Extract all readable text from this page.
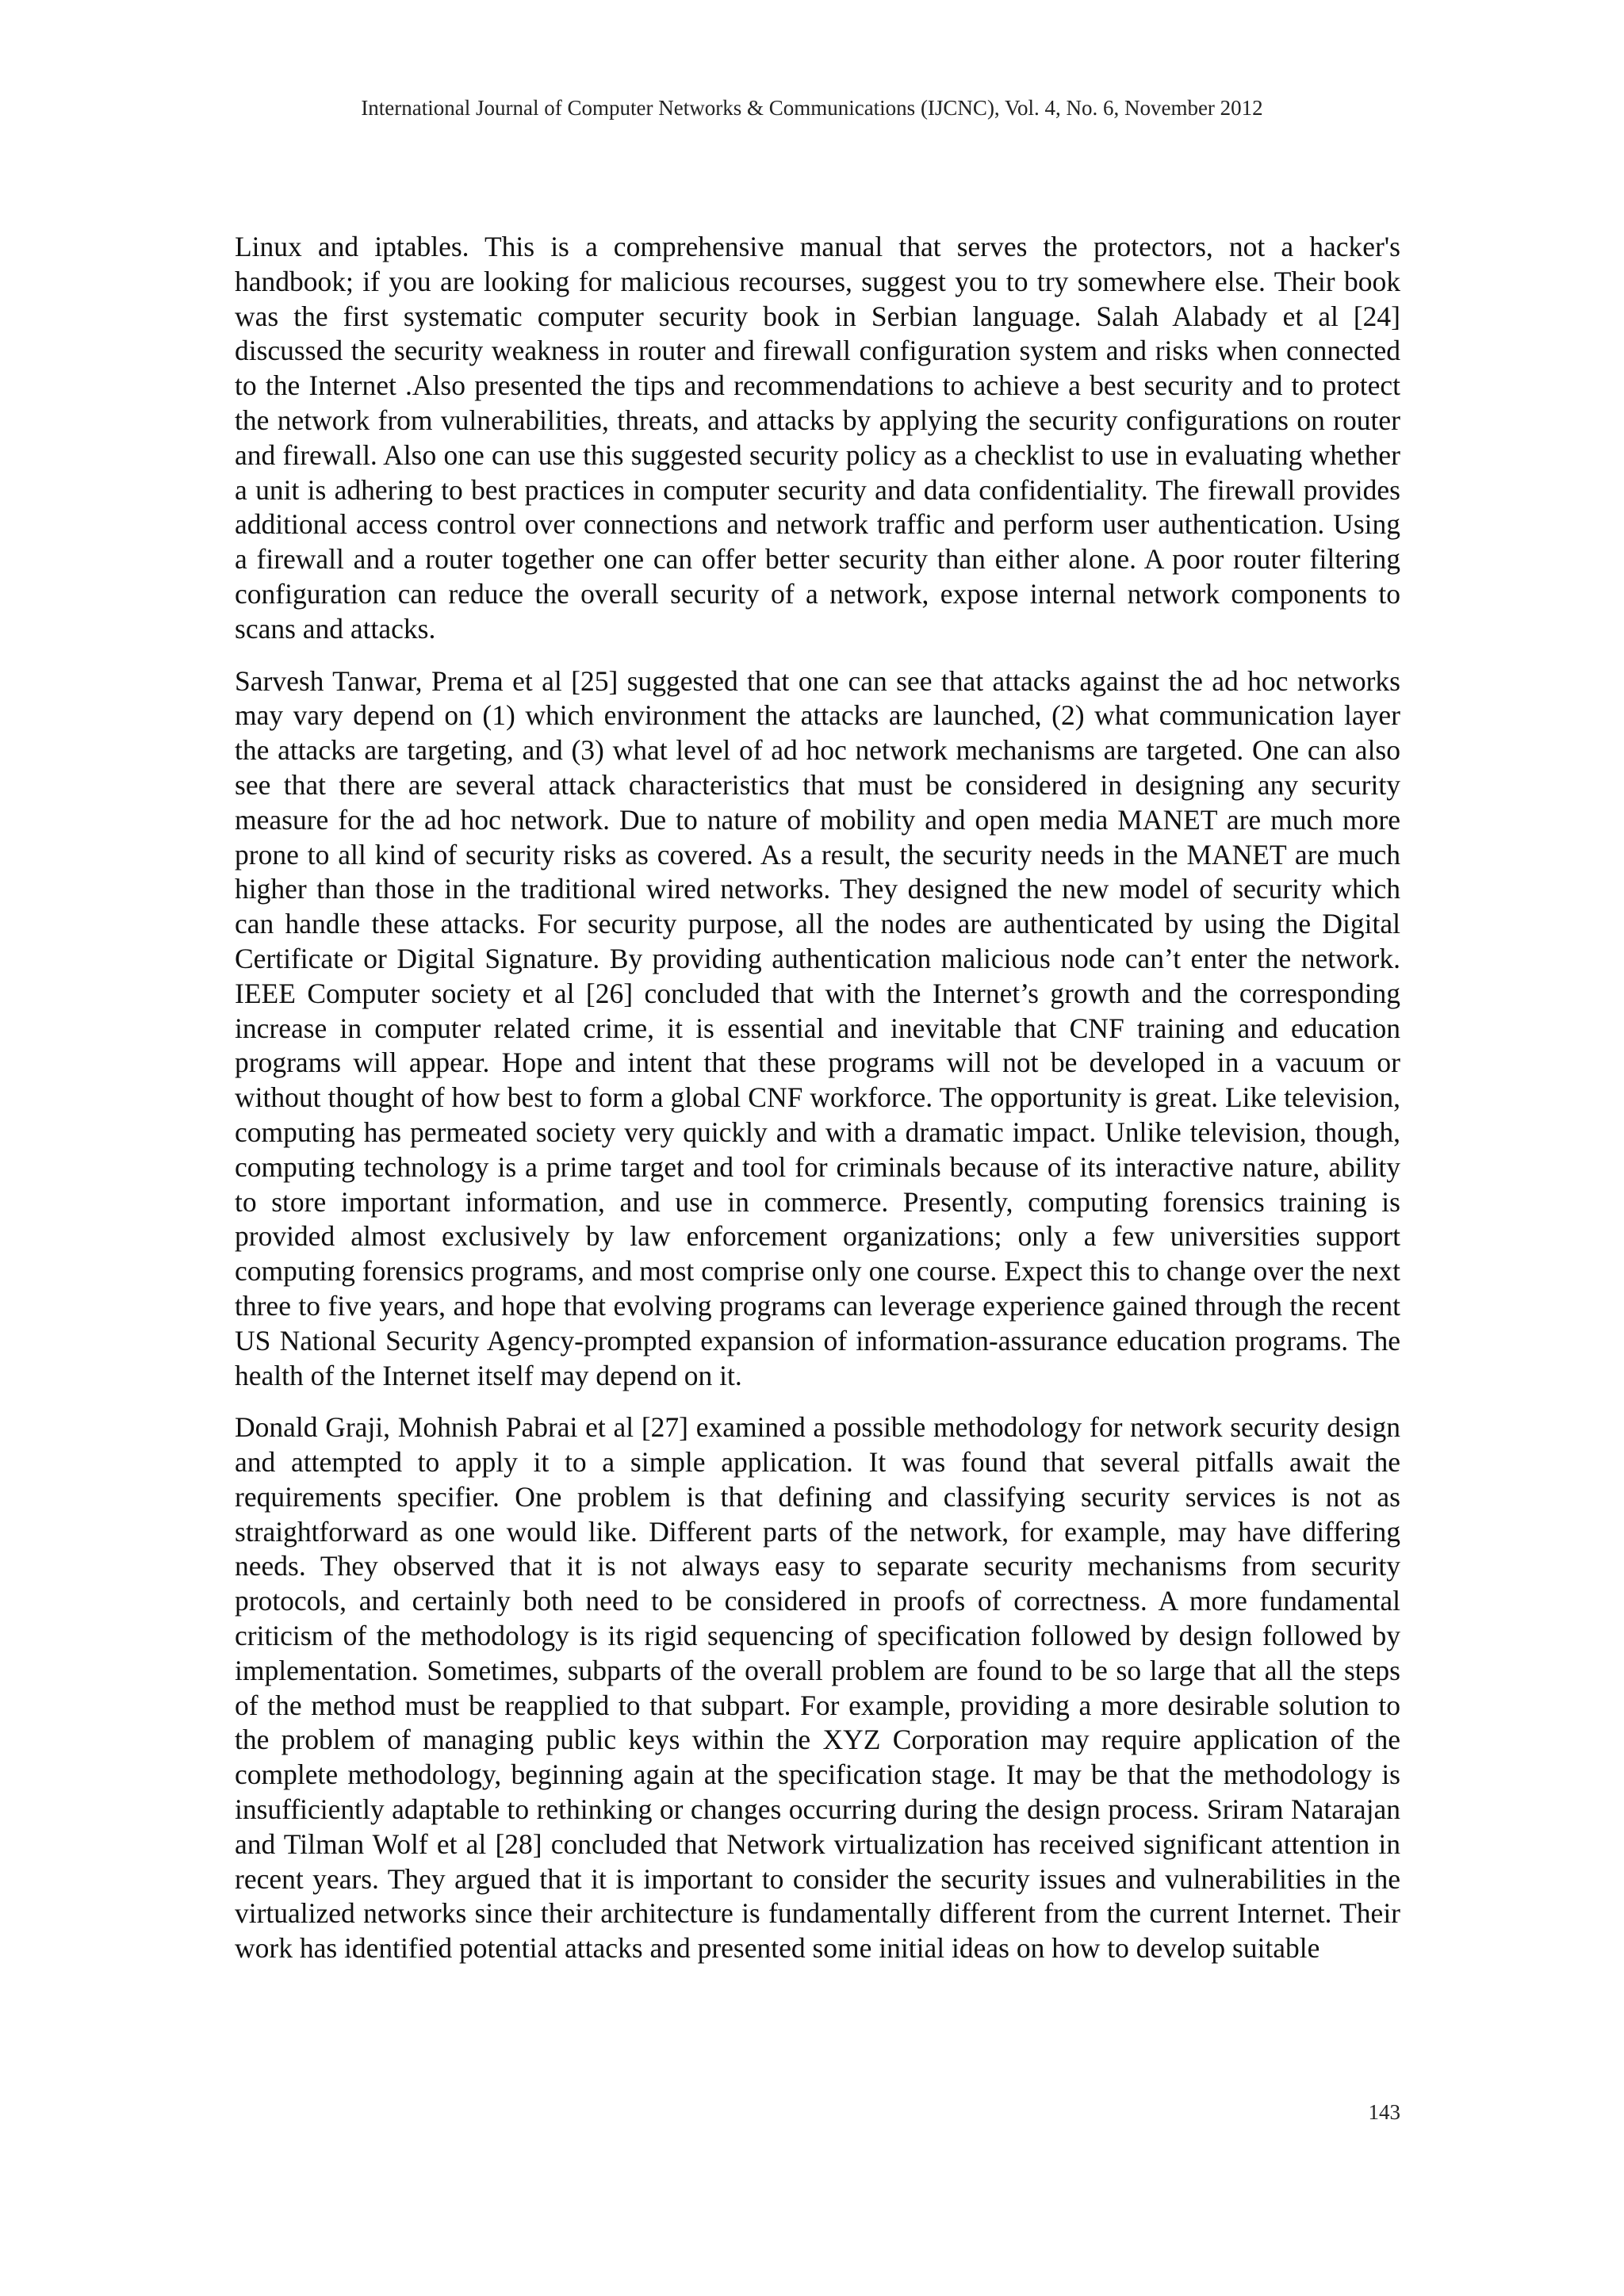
International Journal of Computer Networks & Communications (IJCNC), Vol. 4, No. 6, November 2012

Linux and iptables. This is a comprehensive manual that serves the protectors, not a hacker's handbook; if you are looking for malicious recourses, suggest you to try somewhere else. Their book was the first systematic computer security book in Serbian language. Salah Alabady et al [24] discussed the security weakness in router and firewall configuration system and risks when connected to the Internet .Also presented the tips and recommendations to achieve a best security and to protect the network from vulnerabilities, threats, and attacks by applying the security configurations on router and firewall. Also one can use this suggested security policy as a checklist to use in evaluating whether a unit is adhering to best practices in computer security and data confidentiality. The firewall provides additional access control over connections and network traffic and perform user authentication. Using a firewall and a router together one can offer better security than either alone. A poor router filtering configuration can reduce the overall security of a network, expose internal network components to scans and attacks.

Sarvesh Tanwar, Prema et al [25] suggested that one can see that attacks against the ad hoc networks may vary depend on (1) which environment the attacks are launched, (2) what communication layer the attacks are targeting, and (3) what level of ad hoc network mechanisms are targeted. One can also see that there are several attack characteristics that must be considered in designing any security measure for the ad hoc network. Due to nature of mobility and open media MANET are much more prone to all kind of security risks as covered. As a result, the security needs in the MANET are much higher than those in the traditional wired networks. They designed the new model of security which can handle these attacks. For security purpose, all the nodes are authenticated by using the Digital Certificate or Digital Signature. By providing authentication malicious node can’t enter the network. IEEE Computer society et al [26] concluded that with the Internet’s growth and the corresponding increase in computer related crime, it is essential and inevitable that CNF training and education programs will appear. Hope and intent that these programs will not be developed in a vacuum or without thought of how best to form a global CNF workforce. The opportunity is great. Like television, computing has permeated society very quickly and with a dramatic impact. Unlike television, though, computing technology is a prime target and tool for criminals because of its interactive nature, ability to store important information, and use in commerce. Presently, computing forensics training is provided almost exclusively by law enforcement organizations; only a few universities support computing forensics programs, and most comprise only one course. Expect this to change over the next three to five years, and hope that evolving programs can leverage experience gained through the recent US National Security Agency-prompted expansion of information-assurance education programs. The health of the Internet itself may depend on it.

Donald Graji, Mohnish Pabrai et al [27] examined a possible methodology for network security design and attempted to apply it to a simple application. It was found that several pitfalls await the requirements specifier. One problem is that defining and classifying security services is not as straightforward as one would like. Different parts of the network, for example, may have differing needs. They observed that it is not always easy to separate security mechanisms from security protocols, and certainly both need to be considered in proofs of correctness. A more fundamental criticism of the methodology is its rigid sequencing of specification followed by design followed by implementation. Sometimes, subparts of the overall problem are found to be so large that all the steps of the method must be reapplied to that subpart. For example, providing a more desirable solution to the problem of managing public keys within the XYZ Corporation may require application of the complete methodology, beginning again at the specification stage. It may be that the methodology is insufficiently adaptable to rethinking or changes occurring during the design process. Sriram Natarajan and Tilman Wolf et al [28] concluded that Network virtualization has received significant attention in recent years. They argued that it is important to consider the security issues and vulnerabilities in the virtualized networks since their architecture is fundamentally different from the current Internet. Their work has identified potential attacks and presented some initial ideas on how to develop suitable

143
